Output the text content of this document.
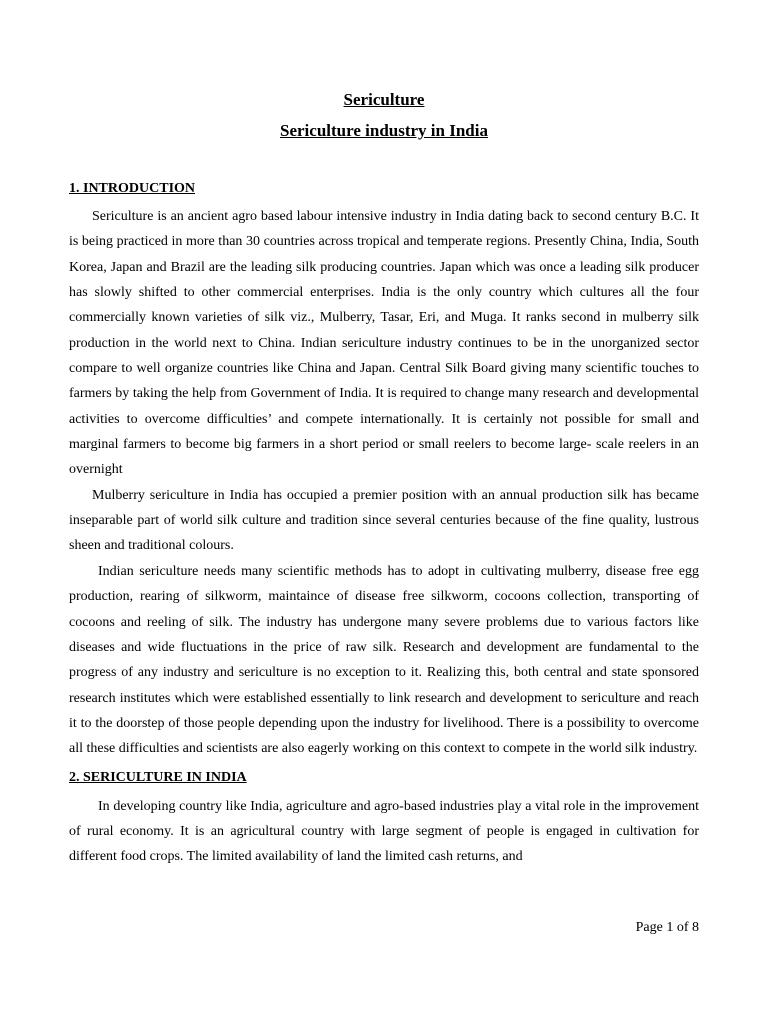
Sericulture
Sericulture industry in India
1. INTRODUCTION

Sericulture is an ancient agro based labour intensive industry in India dating back to second century B.C. It is being practiced in more than 30 countries across tropical and temperate regions. Presently China, India, South Korea, Japan and Brazil are the leading silk producing countries. Japan which was once a leading silk producer has slowly shifted to other commercial enterprises. India is the only country which cultures all the four commercially known varieties of silk viz., Mulberry, Tasar, Eri, and Muga. It ranks second in mulberry silk production in the world next to China. Indian sericulture industry continues to be in the unorganized sector compare to well organize countries like China and Japan. Central Silk Board giving many scientific touches to farmers by taking the help from Government of India. It is required to change many research and developmental activities to overcome difficulties’ and compete internationally. It is certainly not possible for small and marginal farmers to become big farmers in a short period or small reelers to become large- scale reelers in an overnight

Mulberry sericulture in India has occupied a premier position with an annual production silk has became inseparable part of world silk culture and tradition since several centuries because of the fine quality, lustrous sheen and traditional colours.

Indian sericulture needs many scientific methods has to adopt in cultivating mulberry, disease free egg production, rearing of silkworm, maintaince of disease free silkworm, cocoons collection, transporting of cocoons and reeling of silk. The industry has undergone many severe problems due to various factors like diseases and wide fluctuations in the price of raw silk. Research and development are fundamental to the progress of any industry and sericulture is no exception to it. Realizing this, both central and state sponsored research institutes which were established essentially to link research and development to sericulture and reach it to the doorstep of those people depending upon the industry for livelihood. There is a possibility to overcome all these difficulties and scientists are also eagerly working on this context to compete in the world silk industry.

2. SERICULTURE IN INDIA

In developing country like India, agriculture and agro-based industries play a vital role in the improvement of rural economy. It is an agricultural country with large segment of people is engaged in cultivation for different food crops. The limited availability of land the limited cash returns, and

Page 1 of 8
